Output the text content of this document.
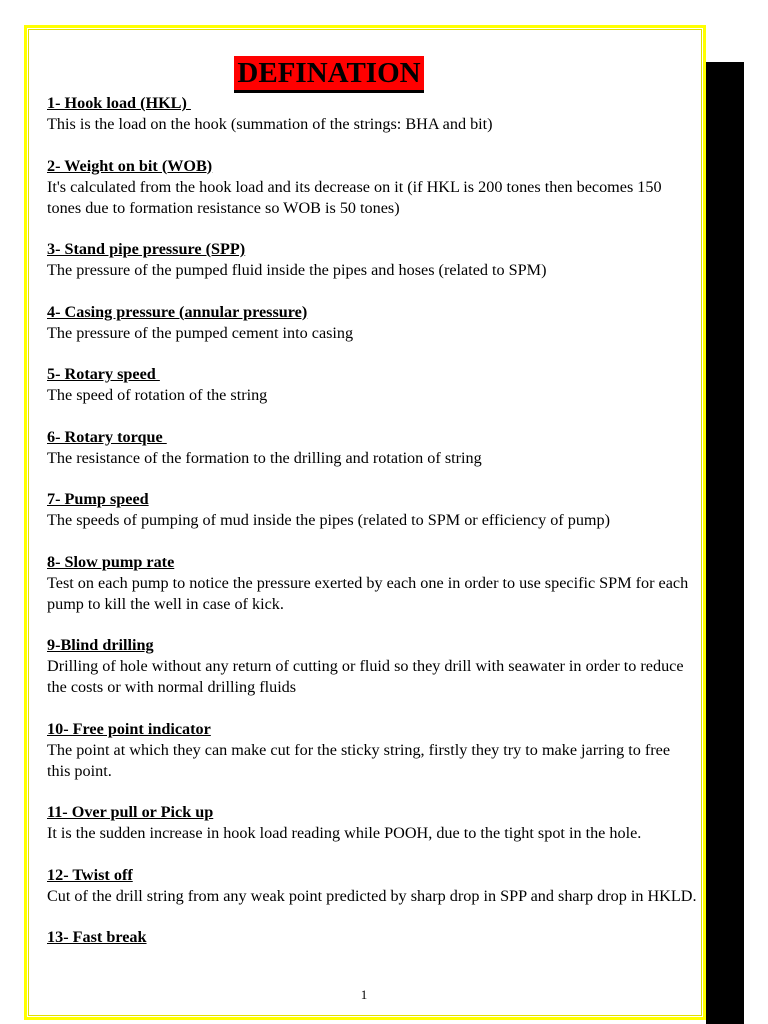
DEFINATION
1- Hook load (HKL)
This is the load on the hook (summation of the strings: BHA and bit)
2- Weight on bit (WOB)
It's calculated from the hook load and its decrease on it (if HKL is 200 tones then becomes 150 tones due to formation resistance so WOB is 50 tones)
3- Stand pipe pressure (SPP)
The pressure of the pumped fluid inside the pipes and hoses (related to SPM)
4- Casing pressure (annular pressure)
The pressure of the pumped cement into casing
5- Rotary speed
The speed of rotation of the string
6- Rotary torque
The resistance of the formation to the drilling and rotation of string
7- Pump speed
The speeds of pumping of mud inside the pipes (related to SPM or efficiency of pump)
8- Slow pump rate
Test on each pump to notice the pressure exerted by each one in order to use specific SPM for each pump to kill the well in case of kick.
9-Blind drilling
Drilling of hole without any return of cutting or fluid so they drill with seawater in order to reduce the costs or with normal drilling fluids
10- Free point indicator
The point at which they can make cut for the sticky string, firstly they try to make jarring to free this point.
11- Over pull or Pick up
It is the sudden increase in hook load reading while POOH, due to the tight spot in the hole.
12- Twist off
Cut of the drill string from any weak point predicted by sharp drop in SPP and sharp drop in HKLD.
13- Fast break
1
